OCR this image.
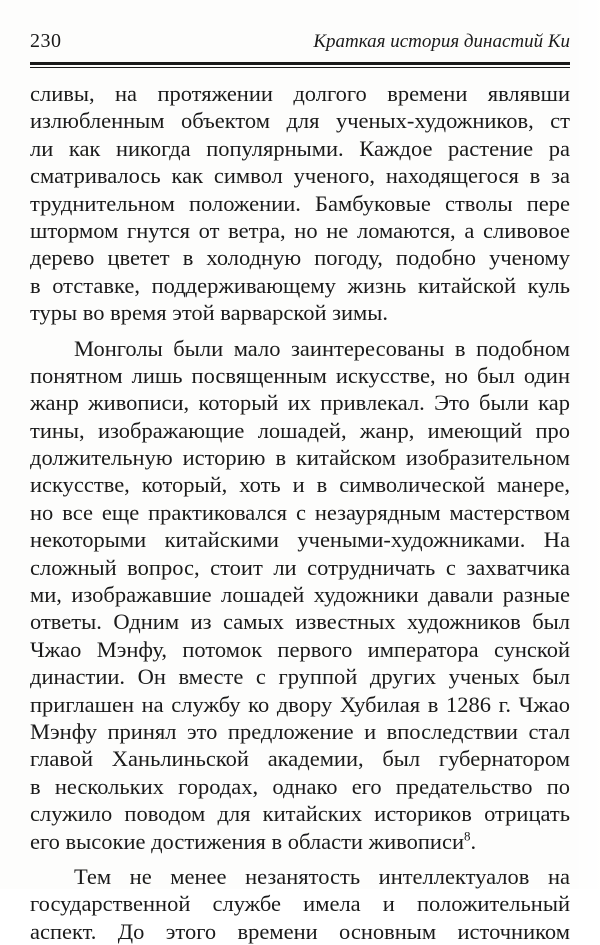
230	Краткая история династий Ки
сливы, на протяжении долгого времени являвши
излюбленным объектом для ученых-художников, ст
ли как никогда популярными. Каждое растение ра
сматривалось как символ ученого, находящегося в за
труднительном положении. Бамбуковые стволы пере
штормом гнутся от ветра, но не ломаются, а сливовое
дерево цветет в холодную погоду, подобно ученому
в отставке, поддерживающему жизнь китайской куль
туры во время этой варварской зимы.
Монголы были мало заинтересованы в подобном
понятном лишь посвященным искусстве, но был один
жанр живописи, который их привлекал. Это были кар
тины, изображающие лошадей, жанр, имеющий про
должительную историю в китайском изобразительном
искусстве, который, хоть и в символической манере,
но все еще практиковался с незаурядным мастерством
некоторыми китайскими учеными-художниками. На
сложный вопрос, стоит ли сотрудничать с захватчика
ми, изображавшие лошадей художники давали разные
ответы. Одним из самых известных художников был
Чжао Мэнфу, потомок первого императора сунской
династии. Он вместе с группой других ученых был
приглашен на службу ко двору Хубилая в 1286 г. Чжао
Мэнфу принял это предложение и впоследствии стал
главой Ханьлиньской академии, был губернатором
в нескольких городах, однако его предательство по
служило поводом для китайских историков отрицать
его высокие достижения в области живописи$^8$.
Тем не менее незанятость интеллектуалов на
государственной службе имела и положительный
аспект. До этого времени основным источником
